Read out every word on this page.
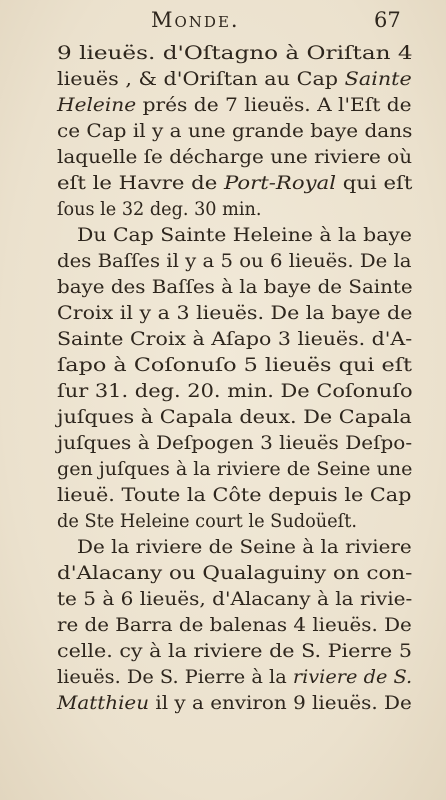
Monde.	67
9 lieuës. d'Oſtagno à Oriſtan 4
lieuës , & d'Oriſtan au Cap Sainte
Heleine prés de 7 lieuës. A l'Eſt de
ce Cap il y a une grande baye dans
laquelle ſe décharge une riviere où
eſt le Havre de Port-Royal qui eſt
ſous le 32 deg. 30 min.
Du Cap Sainte Heleine à la baye
des Baſſes il y a 5 ou 6 lieuës. De la
baye des Baſſes à la baye de Sainte
Croix il y a 3 lieuës. De la baye de
Sainte Croix à Aſapo 3 lieuës. d'A-
ſapo à Coſonuſo 5 lieuës qui eſt
ſur 31. deg. 20. min. De Coſonuſo
juſques à Capala deux. De Capala
juſques à Deſpogen 3 lieuës Deſpo-
gen juſques à la riviere de Seine une
lieuë. Toute la Côte depuis le Cap
de Ste Heleine court le Sudoüeſt.
De la riviere de Seine à la riviere
d'Alacany ou Qualaguiny on con-
te 5 à 6 lieuës, d'Alacany à la rivie-
re de Barra de balenas 4 lieuës. De
celle. cy à la riviere de S. Pierre 5
lieuës. De S. Pierre à la riviere de S.
Matthieu il y a environ 9 lieuës. De
